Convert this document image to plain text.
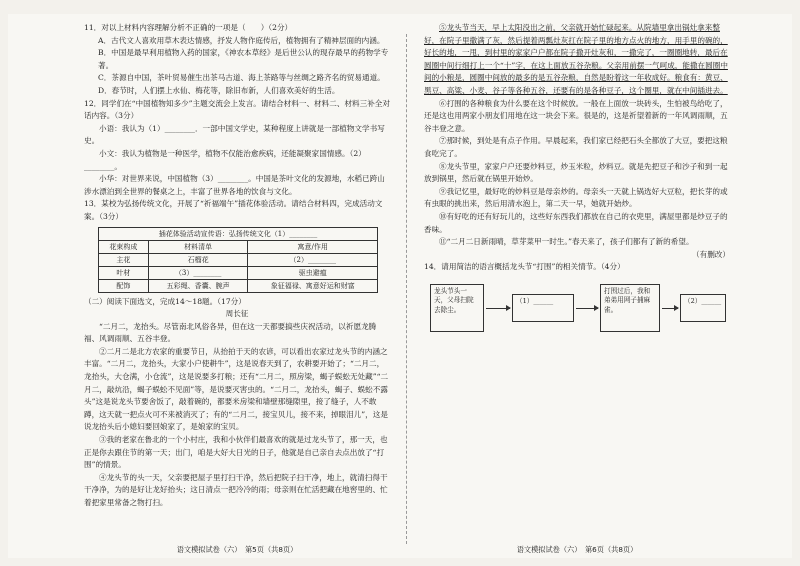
11．对以上材料内容理解分析不正确的一项是（　　）（2分）

A．古代文人喜欢用草木表达情感，抒发人物作庭传后，植物拥有了精神层面的内涵。

B．中国是最早利用植物入药的国家，《神农本草经》是后世公认的现存最早的药物学专著。

C．茶源自中国，茶叶贸易催生出茶马古道、海上茶路等与丝绸之路齐名的贸易通道。

D．春节时，人们摆上水仙、梅花等，除旧布新，人们喜欢美好的生活。

12．同学们在“中国植物知多少”主题交流会上发言。请结合材料一、材料二、材料三补全对话内容。（3分）

小语：我认为（1）________．一部中国文学史，某种程度上讲就是一部植物文学书写史。

小文：我认为植物是一种医学，植物不仅能治愈疾病，还能凝聚家国情感。（2）________。

小华：对世界来说，中国植物（3）________。中国是茶叶文化的发源地，水稻已跨山涉水漂泊到全世界的餐桌之上，丰富了世界各地的饮食与文化。

13．某校为弘扬传统文化，开展了“祈福端午”插花体验活动。请结合材料四，完成活动文案。（3分）

插花体验活动宣传语：弘扬传统文化（1）________
花束构成	材料清单	寓意/作用
主花	石榴花	（2）________
叶材	（3）________	驱虫避瘟
配饰	五彩绳、香囊、腕声	象征福禄、寓意好运和财富

（二）阅读下面选文，完成14～18题。（17分）

周长征

“二月二，龙抬头。尽管南北风俗各异，但在这一天都要搞些庆祝活动，以祈愿龙腾福、风调雨顺、五谷丰登。

②二月二是北方农家的重要节日，从抬拍于天的农谚，可以看出农家过龙头节的内涵之丰富。“二月二，龙抬头，大家小户使耕牛”，这是说春天到了，农耕要开始了；“二月二，龙抬头，大仓满，小仓流”，这是说要多打粮；还有“二月二，照房梁，蝎子蜈蚣无处藏”“二月二，敲炕沿，蝎子蜈蚣不见面”等，是说要灭害虫的。“二月二，龙抬头，蝎子、蜈蚣不露头”这是说龙头节要舍饭了，敲着碗的，都要米房梁和墙壁那缝隙里，接了缝子，人不敢蹲，这天就一把点火可不来被消灭了；有的“二月二，接宝贝儿，接不来，掉眼泪儿”，这是说龙抬头后小媳妇要回娘家了，是娘家的宝贝。

③我的老家在鲁北的一个小村庄，我和小伙伴们最喜欢的就是过龙头节了，那一天，也正是你去跟住节的第一天；出门，咱是大好大日光的日子，他就是自己亲自去点出放了“打围”的情景。

④龙头节的头一天，父亲要把屋子里打扫干净，然后把院子扫干净，地上，就清扫得干干净净，为的是好让龙好抬头；这日清点一把冷冷的雨；母亲则在忙活把藏在地窖里的、忙着把家里常备之物打扫。

语文模拟试卷（六）　第5页（共8页）

⑤龙头节当天，早上太阳没出之前，父亲就开始忙碌起来。从院墙里拿出锅灶拿来整好，在院子里撒满了灰，然后提着两瓢灶灰扛在院子里的地方点火的地方，用手里的碗的，好长的地，一甩，到村里的家家户户都在院子撒开灶灰和，一撒完了，一圈圈地转，最后在圆圈中间行细打上一个“十”字，在这上面放五谷杂粮。父亲用前摆一气呵成，能撒在圆圈中间的小粮是，圆圈中间放的最多的是五谷杂粮，自然是盼着这一年收成好。粮食有：黄豆、黑豆、高粱、小麦、谷子等各种五谷，还要有的是各种豆子，这个圈里，就在中间插进去。

⑥打围的各种粮食为什么要在这个时候放。一般在上面放一块砖头，生怕被鸟给吃了，还是这也用两家小朋友们用地在这一块会下来。很是的，这是祈望着新的一年风调雨顺，五谷丰登之意。

⑦那时候，到处是有点子作用。早晨起来，我们家已经把石头全都放了大豆，要把这粮食吃完了。

⑧龙头节里，家家户户还要炒料豆，炒玉米粒，炒料豆。就是先把豆子和沙子和到一起放到锅里，然后就在锅里开始炒。

⑨我记忆里，最好吃的炒料豆是母亲炒的。母亲头一天就上锅选好大豆粒，把长芽的或有虫眼的挑出来，然后用清水泡上，第二天一早，她就开始炒。

⑩有好吃的还有好玩儿的，这些好东西我们都放在自己的衣兜里，满屋里都是炒豆子的香味。

⑪“二月二日新雨晴，草芽菜甲一时生。”春天来了，孩子们都有了新的希望。

（有删改）

14．请用简洁的语言概括龙头节“打围”的相关情节。（4分）

龙头节头一天，父母扫院去除尘。
（1）______
打围过后，我和弟弟用网子捕麻雀。
（2）______
语文模拟试卷（六）　第6页（共8页）
